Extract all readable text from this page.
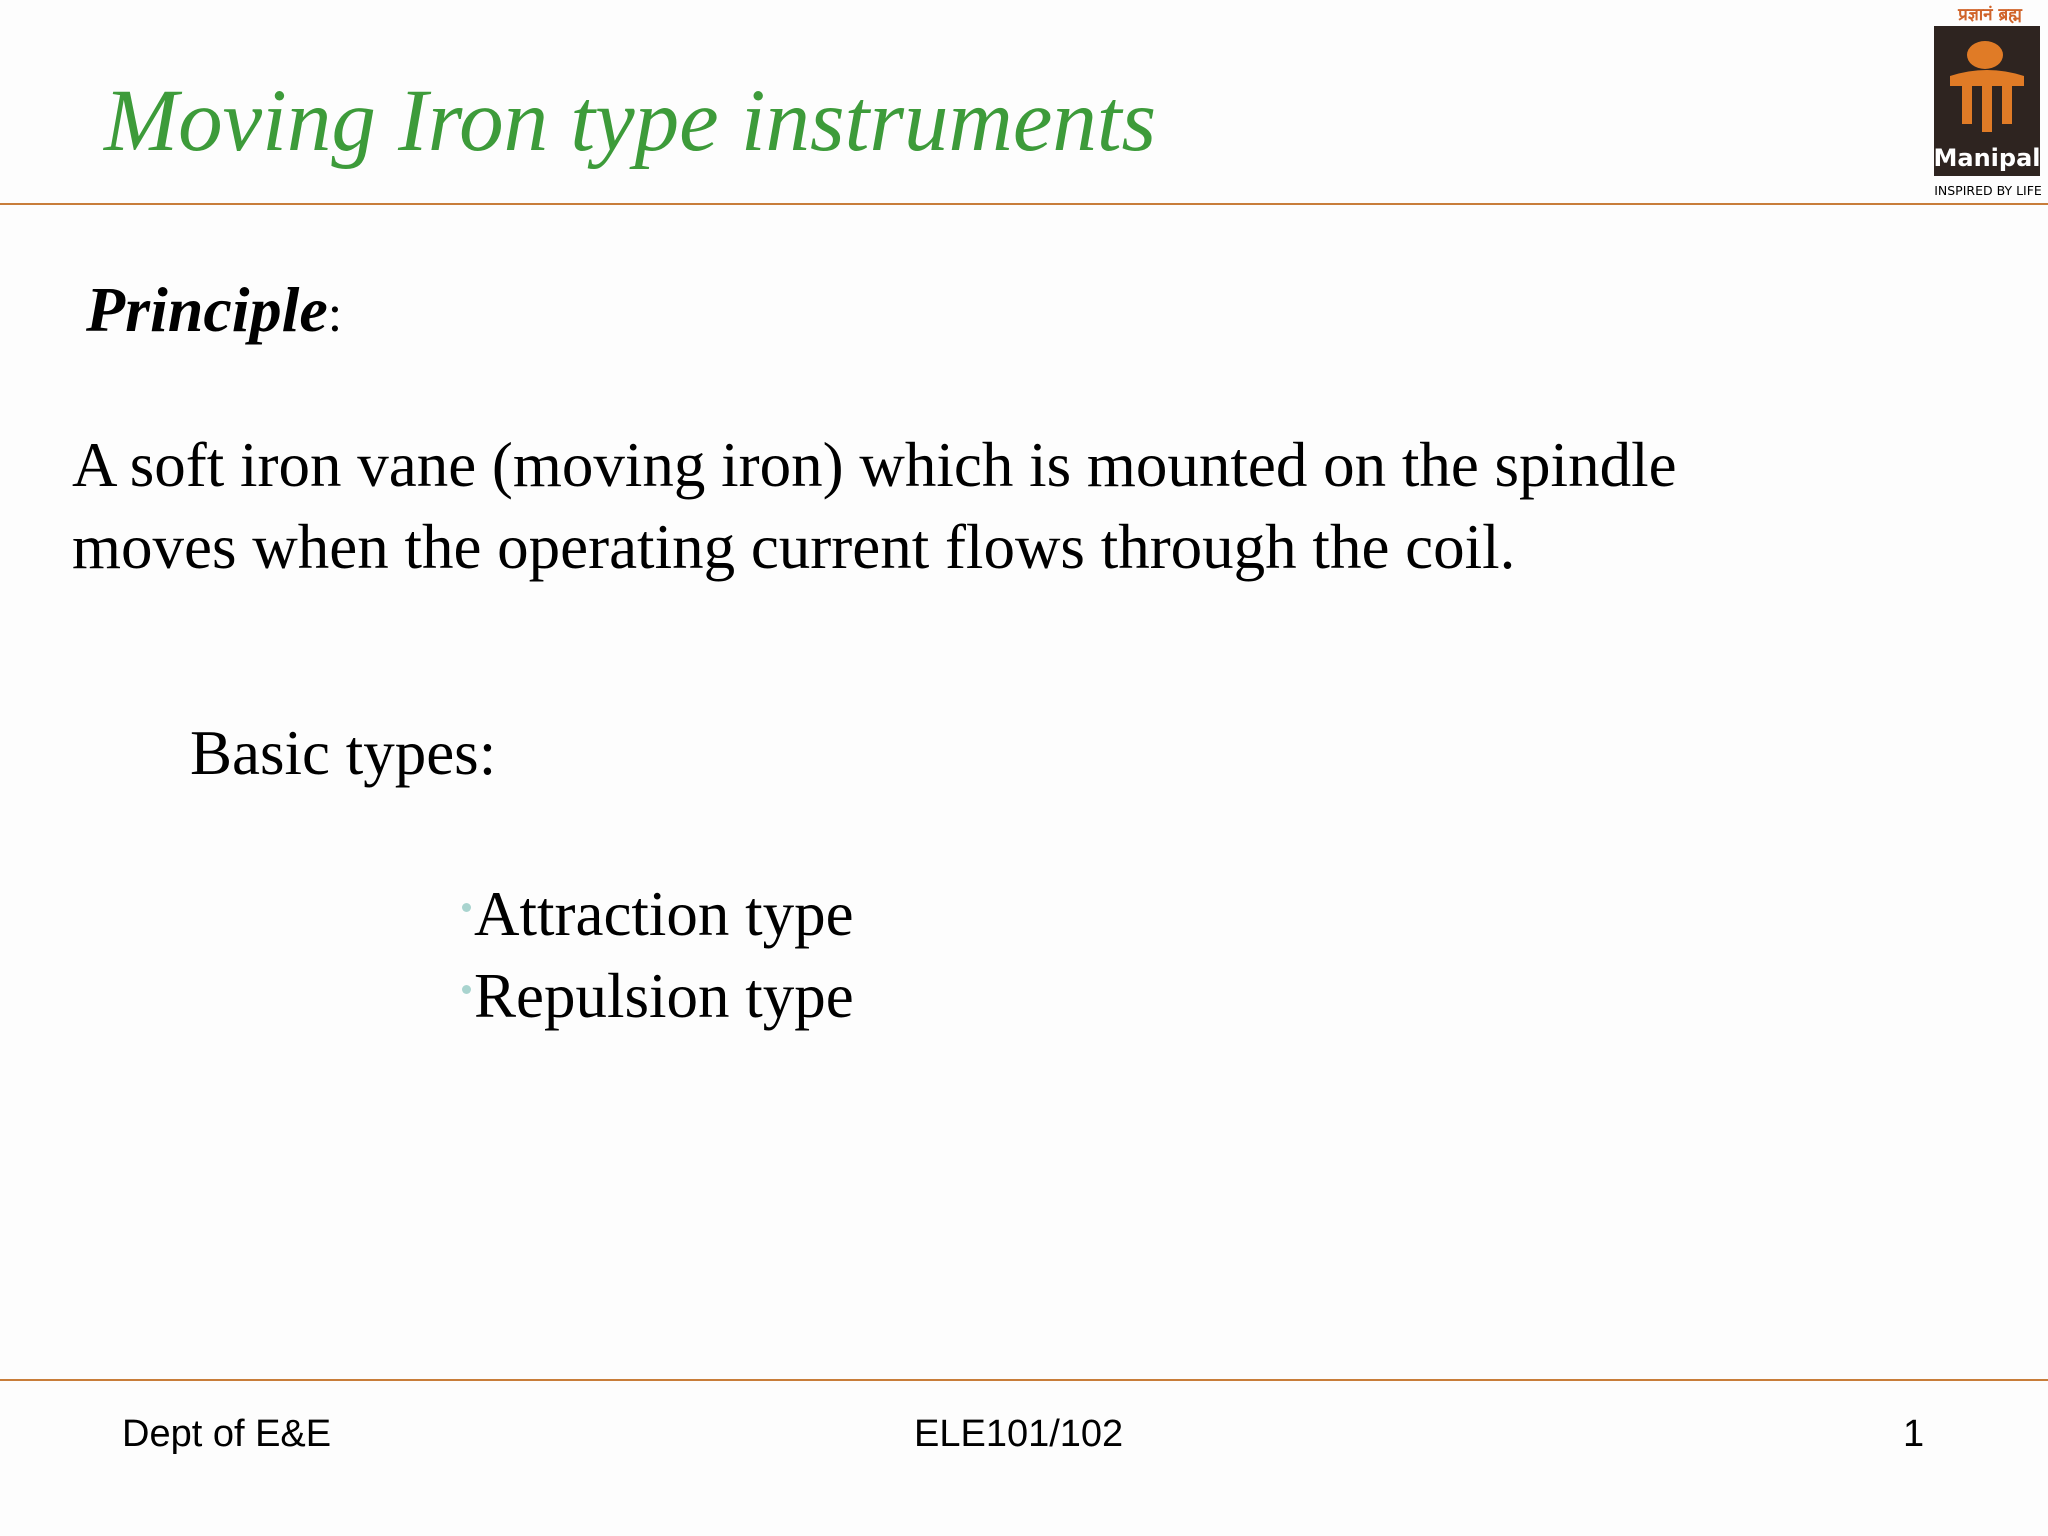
Moving Iron type instruments
प्रज्ञानं ब्रह्म
Manipal
INSPIRED BY LIFE
Principle:
A soft iron vane (moving iron) which is mounted on the spindle
moves when the operating current flows through the coil.
Basic types:
Attraction type
Repulsion type
Dept of E&E	ELE101/102	1
